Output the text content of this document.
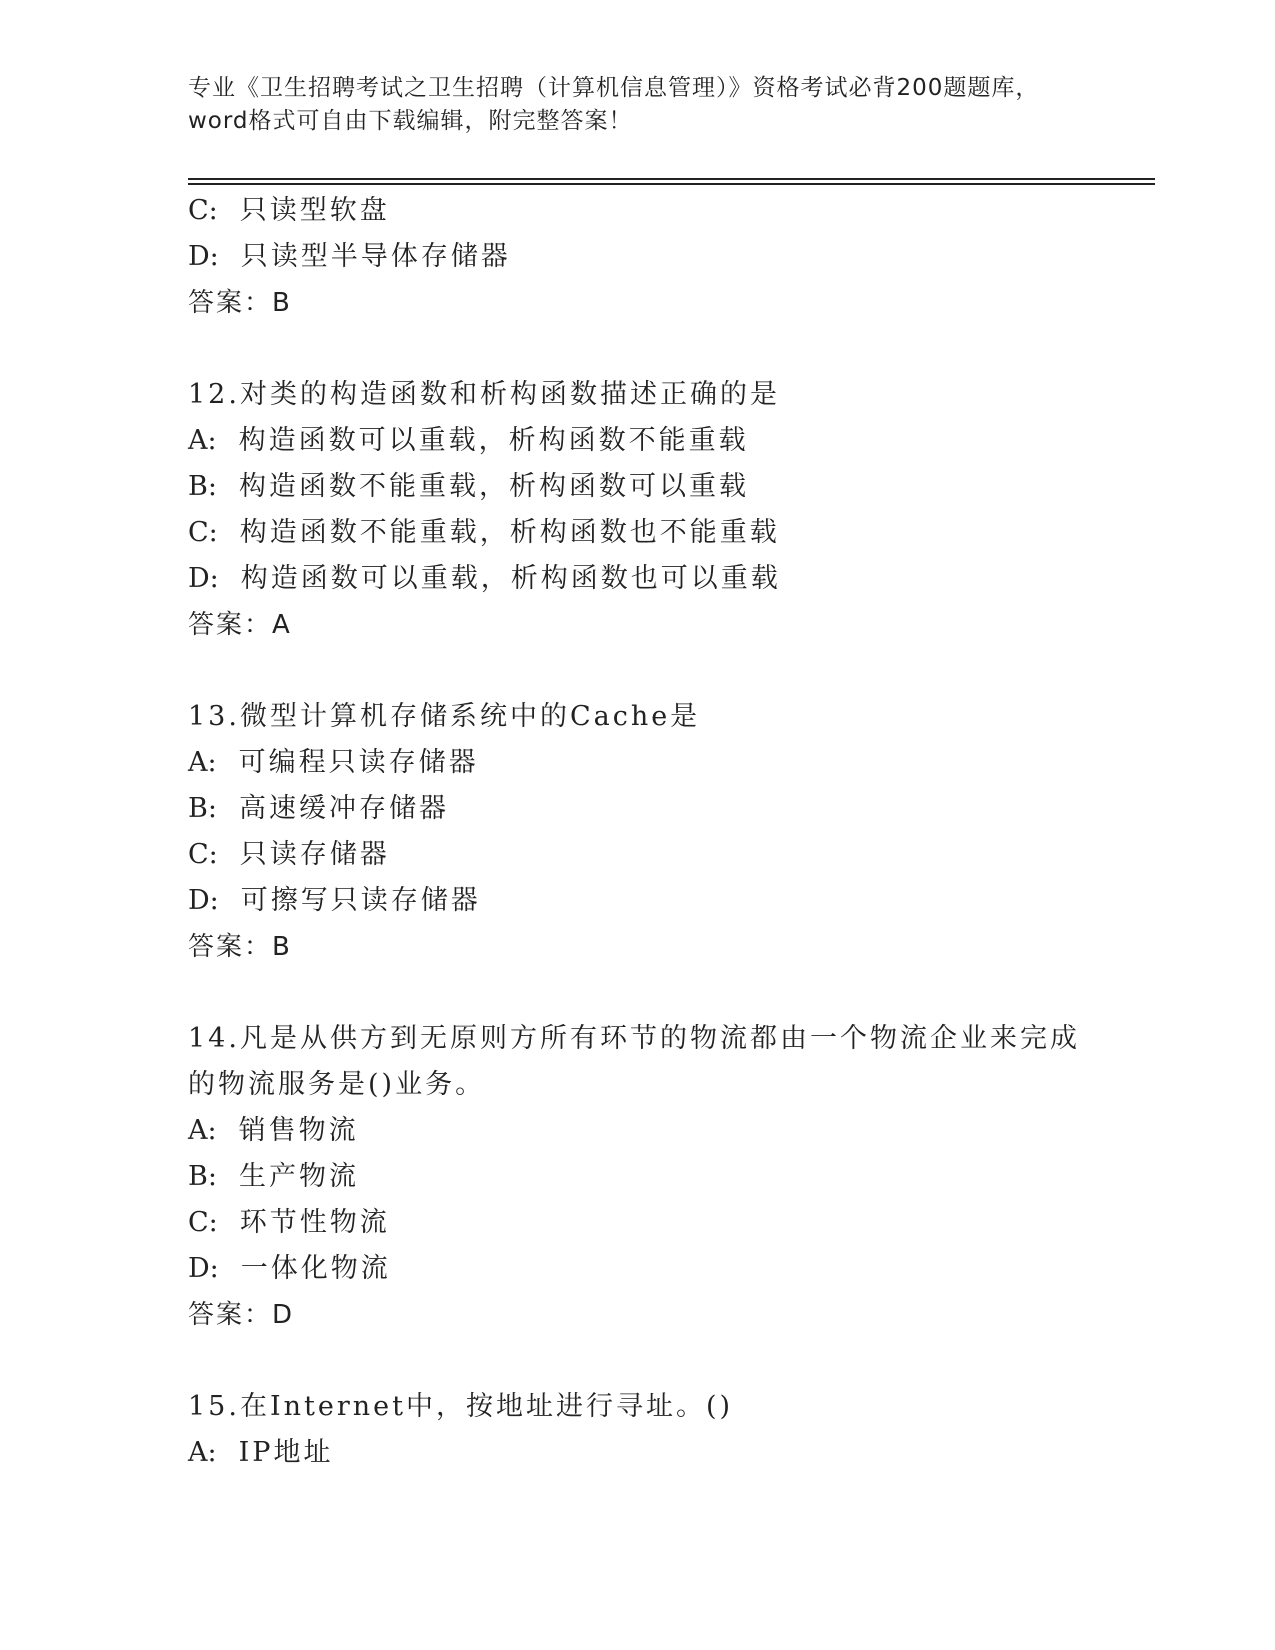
专业《卫生招聘考试之卫生招聘（计算机信息管理）》资格考试必背200题题库，
word格式可自由下载编辑，附完整答案！
C: 只读型软盘
D: 只读型半导体存储器
答案：B
12.对类的构造函数和析构函数描述正确的是
A: 构造函数可以重载，析构函数不能重载
B: 构造函数不能重载，析构函数可以重载
C: 构造函数不能重载，析构函数也不能重载
D: 构造函数可以重载，析构函数也可以重载
答案：A
13.微型计算机存储系统中的Cache是
A: 可编程只读存储器
B: 高速缓冲存储器
C: 只读存储器
D: 可擦写只读存储器
答案：B
14.凡是从供方到无原则方所有环节的物流都由一个物流企业来完成的物流服务是()业务。
A: 销售物流
B: 生产物流
C: 环节性物流
D: 一体化物流
答案：D
15.在Internet中，按地址进行寻址。()
A: IP地址
